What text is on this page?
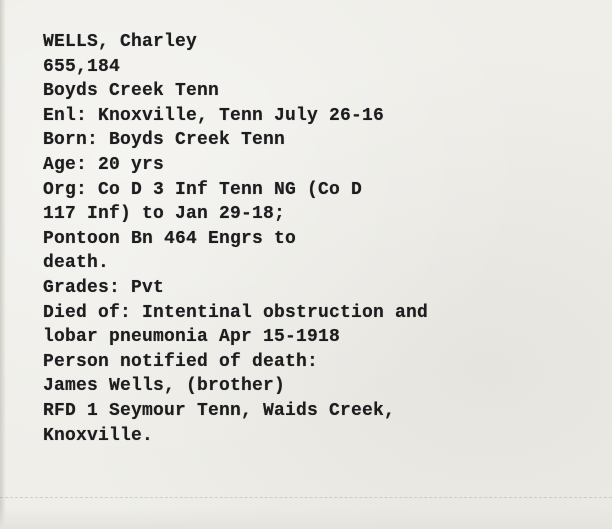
WELLS, Charley
655,184
Boyds Creek Tenn
Enl: Knoxville, Tenn July 26-16
Born: Boyds Creek Tenn
Age: 20 yrs
Org: Co D 3 Inf Tenn NG (Co D
117 Inf) to Jan 29-18;
Pontoon Bn 464 Engrs to
death.
Grades: Pvt
Died of: Intentinal obstruction and
lobar pneumonia Apr 15-1918
Person notified of death:
James Wells, (brother)
RFD 1 Seymour Tenn, Waids Creek,
Knoxville.
